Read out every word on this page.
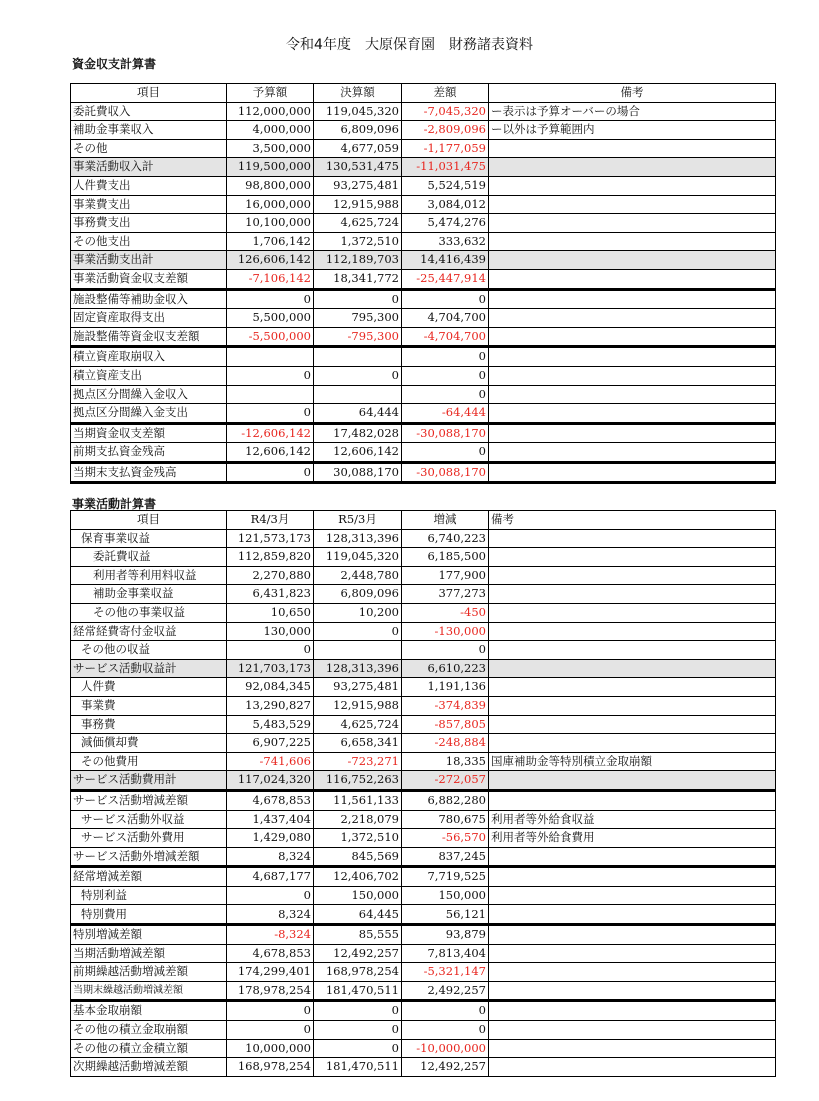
令和4年度　大原保育園　財務諸表資料
資金収支計算書
項目	予算額	決算額	差額	備考
委託費収入	112,000,000	119,045,320	-7,045,320	ー表示は予算オーバーの場合
補助金事業収入	4,000,000	6,809,096	-2,809,096	ー以外は予算範囲内
その他	3,500,000	4,677,059	-1,177,059	
事業活動収入計	119,500,000	130,531,475	-11,031,475	
人件費支出	98,800,000	93,275,481	5,524,519	
事業費支出	16,000,000	12,915,988	3,084,012	
事務費支出	10,100,000	4,625,724	5,474,276	
その他支出	1,706,142	1,372,510	333,632	
事業活動支出計	126,606,142	112,189,703	14,416,439	
事業活動資金収支差額	-7,106,142	18,341,772	-25,447,914	
施設整備等補助金収入	0	0	0	
固定資産取得支出	5,500,000	795,300	4,704,700	
施設整備等資金収支差額	-5,500,000	-795,300	-4,704,700	
積立資産取崩収入			0	
積立資産支出	0	0	0	
拠点区分間繰入金収入			0	
拠点区分間繰入金支出	0	64,444	-64,444	
当期資金収支差額	-12,606,142	17,482,028	-30,088,170	
前期支払資金残高	12,606,142	12,606,142	0	
当期末支払資金残高	0	30,088,170	-30,088,170	
事業活動計算書
項目	R4/3月	R5/3月	増減	備考
保育事業収益	121,573,173	128,313,396	6,740,223	
委託費収益	112,859,820	119,045,320	6,185,500	
利用者等利用料収益	2,270,880	2,448,780	177,900	
補助金事業収益	6,431,823	6,809,096	377,273	
その他の事業収益	10,650	10,200	-450	
経常経費寄付金収益	130,000	0	-130,000	
その他の収益	0		0	
サービス活動収益計	121,703,173	128,313,396	6,610,223	
人件費	92,084,345	93,275,481	1,191,136	
事業費	13,290,827	12,915,988	-374,839	
事務費	5,483,529	4,625,724	-857,805	
減価償却費	6,907,225	6,658,341	-248,884	
その他費用	-741,606	-723,271	18,335	国庫補助金等特別積立金取崩額
サービス活動費用計	117,024,320	116,752,263	-272,057	
サービス活動増減差額	4,678,853	11,561,133	6,882,280	
サービス活動外収益	1,437,404	2,218,079	780,675	利用者等外給食収益
サービス活動外費用	1,429,080	1,372,510	-56,570	利用者等外給食費用
サービス活動外増減差額	8,324	845,569	837,245	
経常増減差額	4,687,177	12,406,702	7,719,525	
特別利益	0	150,000	150,000	
特別費用	8,324	64,445	56,121	
特別増減差額	-8,324	85,555	93,879	
当期活動増減差額	4,678,853	12,492,257	7,813,404	
前期繰越活動増減差額	174,299,401	168,978,254	-5,321,147	
当期末繰越活動増減差額	178,978,254	181,470,511	2,492,257	
基本金取崩額	0	0	0	
その他の積立金取崩額	0	0	0	
その他の積立金積立額	10,000,000	0	-10,000,000	
次期繰越活動増減差額	168,978,254	181,470,511	12,492,257	
